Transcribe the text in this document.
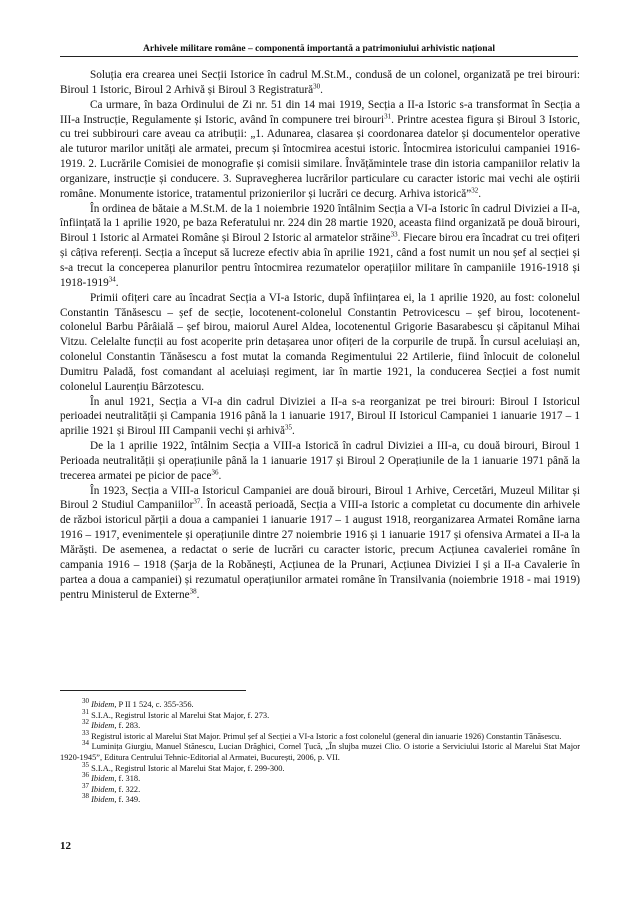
Arhivele militare române – componentă importantă a patrimoniului arhivistic național

Soluția era crearea unei Secții Istorice în cadrul M.St.M., condusă de un colonel, organizată pe trei birouri: Biroul 1 Istoric, Biroul 2 Arhivă și Biroul 3 Registratură$^{30}$.

Ca urmare, în baza Ordinului de Zi nr. 51 din 14 mai 1919, Secția a II-a Istoric s-a transformat în Secția a III-a Instrucție, Regulamente și Istoric, având în compunere trei birouri$^{31}$. Printre acestea figura și Biroul 3 Istoric, cu trei subbirouri care aveau ca atribuții: „1. Adunarea, clasarea și coordonarea datelor și documentelor operative ale tuturor marilor unități ale armatei, precum și întocmirea acestui istoric. Întocmirea istoricului campaniei 1916-1919. 2. Lucrările Comisiei de monografie și comisii similare. Învățămintele trase din istoria campaniilor relativ la organizare, instrucție și conducere. 3. Supravegherea lucrărilor particulare cu caracter istoric mai vechi ale oștirii române. Monumente istorice, tratamentul prizonierilor și lucrări ce decurg. Arhiva istorică”$^{32}$.

În ordinea de bătaie a M.St.M. de la 1 noiembrie 1920 întâlnim Secția a VI-a Istoric în cadrul Diviziei a II-a, înființată la 1 aprilie 1920, pe baza Referatului nr. 224 din 28 martie 1920, aceasta fiind organizată pe două birouri, Biroul 1 Istoric al Armatei Române și Biroul 2 Istoric al armatelor străine$^{33}$. Fiecare birou era încadrat cu trei ofițeri și câțiva referenți. Secția a început să lucreze efectiv abia în aprilie 1921, când a fost numit un nou șef al secției și s-a trecut la conceperea planurilor pentru întocmirea rezumatelor operațiilor militare în campaniile 1916-1918 și 1918-1919$^{34}$.

Primii ofițeri care au încadrat Secția a VI-a Istoric, după înființarea ei, la 1 aprilie 1920, au fost: colonelul Constantin Tănăsescu – șef de secție, locotenent-colonelul Constantin Petrovicescu – șef birou, locotenent-colonelul Barbu Pârâială – șef birou, maiorul Aurel Aldea, locotenentul Grigorie Basarabescu și căpitanul Mihai Vitzu. Celelalte funcții au fost acoperite prin detașarea unor ofițeri de la corpurile de trupă. În cursul aceluiași an, colonelul Constantin Tănăsescu a fost mutat la comanda Regimentului 22 Artilerie, fiind înlocuit de colonelul Dumitru Paladă, fost comandant al aceluiași regiment, iar în martie 1921, la conducerea Secției a fost numit colonelul Laurențiu Bârzotescu.

În anul 1921, Secția a VI-a din cadrul Diviziei a II-a s-a reorganizat pe trei birouri: Biroul I Istoricul perioadei neutralității și Campania 1916 până la 1 ianuarie 1917, Biroul II Istoricul Campaniei 1 ianuarie 1917 – 1 aprilie 1921 și Biroul III Campanii vechi și arhivă$^{35}$.

De la 1 aprilie 1922, întâlnim Secția a VIII-a Istorică în cadrul Diviziei a III-a, cu două birouri, Biroul 1 Perioada neutralității și operațiunile până la 1 ianuarie 1917 și Biroul 2 Operațiunile de la 1 ianuarie 1971 până la trecerea armatei pe picior de pace$^{36}$.

În 1923, Secția a VIII-a Istoricul Campaniei are două birouri, Biroul 1 Arhive, Cercetări, Muzeul Militar și Biroul 2 Studiul Campaniilor$^{37}$. În această perioadă, Secția a VIII-a Istoric a completat cu documente din arhivele de război istoricul părții a doua a campaniei 1 ianuarie 1917 – 1 august 1918, reorganizarea Armatei Române iarna 1916 – 1917, evenimentele și operațiunile dintre 27 noiembrie 1916 și 1 ianuarie 1917 și ofensiva Armatei a II-a la Mărăști. De asemenea, a redactat o serie de lucrări cu caracter istoric, precum Acțiunea cavaleriei române în campania 1916 – 1918 (Șarja de la Robănești, Acțiunea de la Prunari, Acțiunea Diviziei I și a II-a Cavalerie în partea a doua a campaniei) și rezumatul operațiunilor armatei române în Transilvania (noiembrie 1918 - mai 1919) pentru Ministerul de Externe$^{38}$.

$^{30}$ Ibidem, P II 1 524, c. 355-356.

$^{31}$ S.I.A., Registrul Istoric al Marelui Stat Major, f. 273.

$^{32}$ Ibidem, f. 283.

$^{33}$ Registrul istoric al Marelui Stat Major. Primul șef al Secției a VI-a Istoric a fost colonelul (general din ianuarie 1926) Constantin Tănăsescu.

$^{34}$ Luminița Giurgiu, Manuel Stănescu, Lucian Drăghici, Cornel Țucă, „În slujba muzei Clio. O istorie a Serviciului Istoric al Marelui Stat Major 1920-1945”, Editura Centrului Tehnic-Editorial al Armatei, București, 2006, p. VII.

$^{35}$ S.I.A., Registrul Istoric al Marelui Stat Major, f. 299-300.

$^{36}$ Ibidem, f. 318.

$^{37}$ Ibidem, f. 322.

$^{38}$ Ibidem, f. 349.

12
